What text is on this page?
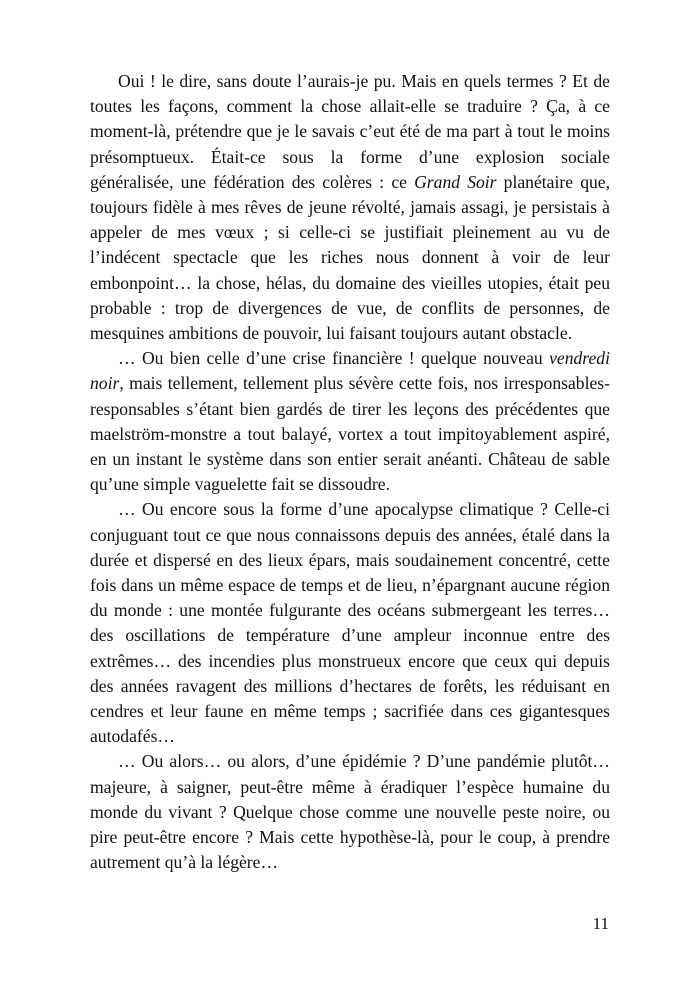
Oui ! le dire, sans doute l’aurais-je pu. Mais en quels termes ? Et de toutes les façons, comment la chose allait-elle se traduire ? Ça, à ce moment-là, prétendre que je le savais c’eut été de ma part à tout le moins présomptueux. Était-ce sous la forme d’une explosion sociale généralisée, une fédération des colères : ce Grand Soir planétaire que, toujours fidèle à mes rêves de jeune révolté, jamais assagi, je persistais à appeler de mes vœux ; si celle-ci se justifiait pleinement au vu de l’indécent spectacle que les riches nous donnent à voir de leur embonpoint… la chose, hélas, du domaine des vieilles utopies, était peu probable : trop de divergences de vue, de conflits de personnes, de mesquines ambitions de pouvoir, lui faisant toujours autant obstacle.

… Ou bien celle d’une crise financière ! quelque nouveau vendredi noir, mais tellement, tellement plus sévère cette fois, nos irresponsables-responsables s’étant bien gardés de tirer les leçons des précédentes que maelström-monstre a tout balayé, vortex a tout impitoyablement aspiré, en un instant le système dans son entier serait anéanti. Château de sable qu’une simple vaguelette fait se dissoudre.

… Ou encore sous la forme d’une apocalypse climatique ? Celle-ci conjuguant tout ce que nous connaissons depuis des années, étalé dans la durée et dispersé en des lieux épars, mais soudainement concentré, cette fois dans un même espace de temps et de lieu, n’épargnant aucune région du monde : une montée fulgurante des océans submergeant les terres… des oscillations de température d’une ampleur inconnue entre des extrêmes… des incendies plus monstrueux encore que ceux qui depuis des années ravagent des millions d’hectares de forêts, les réduisant en cendres et leur faune en même temps ; sacrifiée dans ces gigantesques autodafés…

… Ou alors… ou alors, d’une épidémie ? D’une pandémie plutôt… majeure, à saigner, peut-être même à éradiquer l’espèce humaine du monde du vivant ? Quelque chose comme une nouvelle peste noire, ou pire peut-être encore ? Mais cette hypothèse-là, pour le coup, à prendre autrement qu’à la légère…

11
